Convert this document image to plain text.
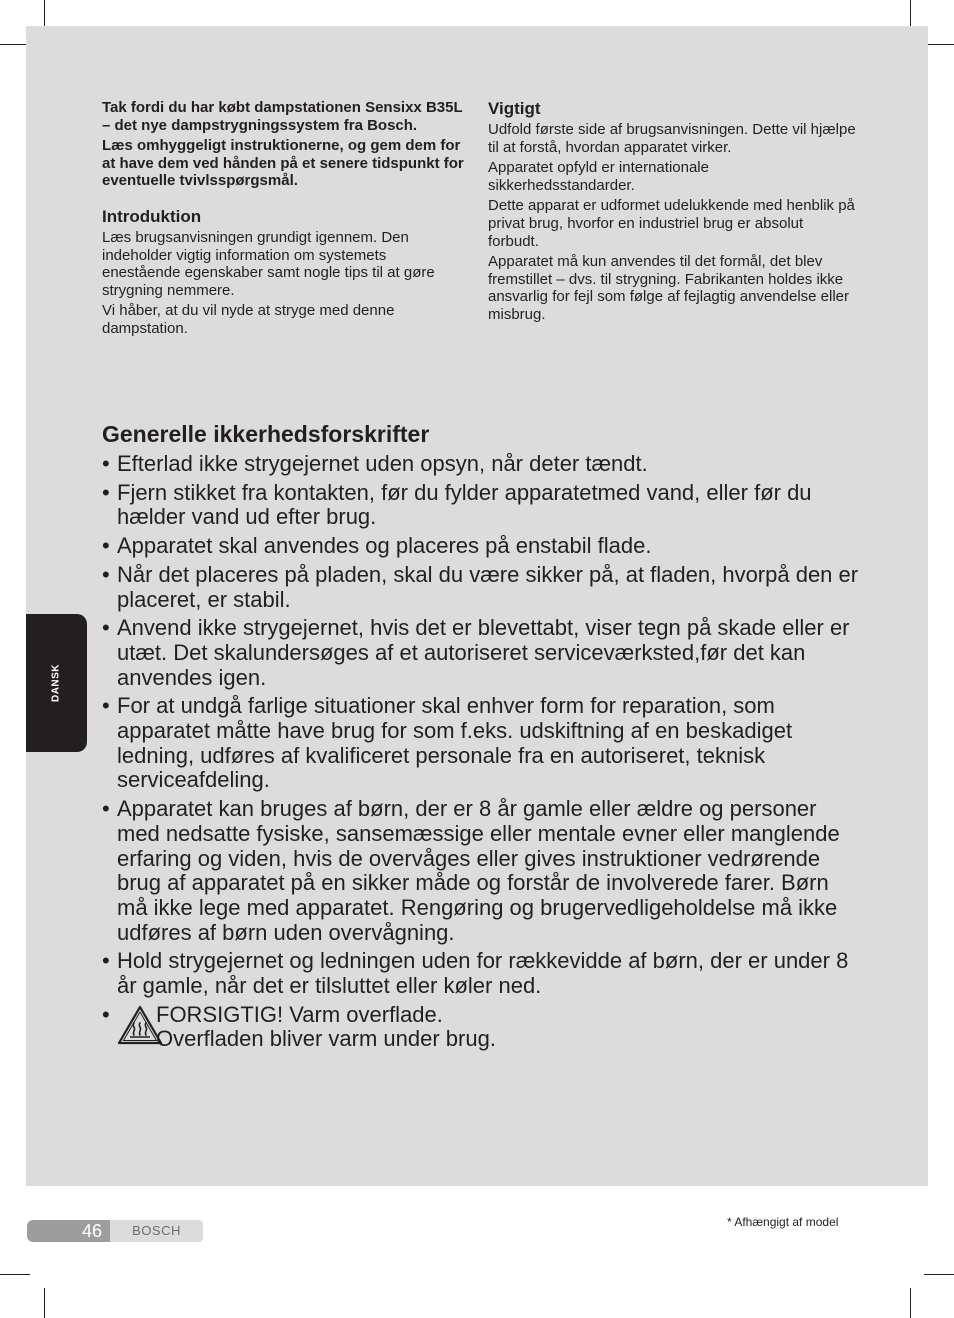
DANSK

Tak fordi du har købt dampstationen Sensixx B35L – det nye dampstrygningssystem fra Bosch.

Læs omhyggeligt instruktionerne, og gem dem for at have dem ved hånden på et senere tidspunkt for eventuelle tvivlsspørgsmål.

Introduktion

Læs brugsanvisningen grundigt igennem. Den indeholder vigtig information om systemets enestående egenskaber samt nogle tips til at gøre strygning nemmere.

Vi håber, at du vil nyde at stryge med denne dampstation.

Vigtigt

Udfold første side af brugsanvisningen. Dette vil hjælpe til at forstå, hvordan apparatet virker.

Apparatet opfyld er internationale sikkerhedsstandarder.

Dette apparat er udformet udelukkende med henblik på privat brug, hvorfor en industriel brug er absolut forbudt.

Apparatet må kun anvendes til det formål, det blev fremstillet – dvs. til strygning. Fabrikanten holdes ikke ansvarlig for fejl som følge af fejlagtig anvendelse eller misbrug.

Generelle ikkerhedsforskrifter
• Efterlad ikke strygejernet uden opsyn, når deter tændt.
• Fjern stikket fra kontakten, før du fylder apparatetmed vand, eller før du hælder vand ud efter brug.
• Apparatet skal anvendes og placeres på enstabil flade.
• Når det placeres på pladen, skal du være sikker på, at fladen, hvorpå den er placeret, er stabil.
• Anvend ikke strygejernet, hvis det er blevettabt, viser tegn på skade eller er utæt. Det skalundersøges af et autoriseret serviceværksted,før det kan anvendes igen.
• For at undgå farlige situationer skal enhver form for reparation, som apparatet måtte have brug for som f.eks. udskiftning af en beskadiget ledning, udføres af kvalificeret personale fra en autoriseret, teknisk serviceafdeling.
• Apparatet kan bruges af børn, der er 8 år gamle eller ældre og personer med nedsatte fysiske, sansemæssige eller mentale evner eller manglende erfaring og viden, hvis de overvåges eller gives instruktioner vedrørende brug af apparatet på en sikker måde og forstår de involverede farer. Børn må ikke lege med apparatet. Rengøring og brugervedligeholdelse må ikke udføres af børn uden overvågning.
• Hold strygejernet og ledningen uden for rækkevidde af børn, der er under 8 år gamle, når det er tilsluttet eller køler ned.
• FORSIGTIG! Varm overflade.
Overfladen bliver varm under brug.
46	BOSCH
* Afhængigt af model
